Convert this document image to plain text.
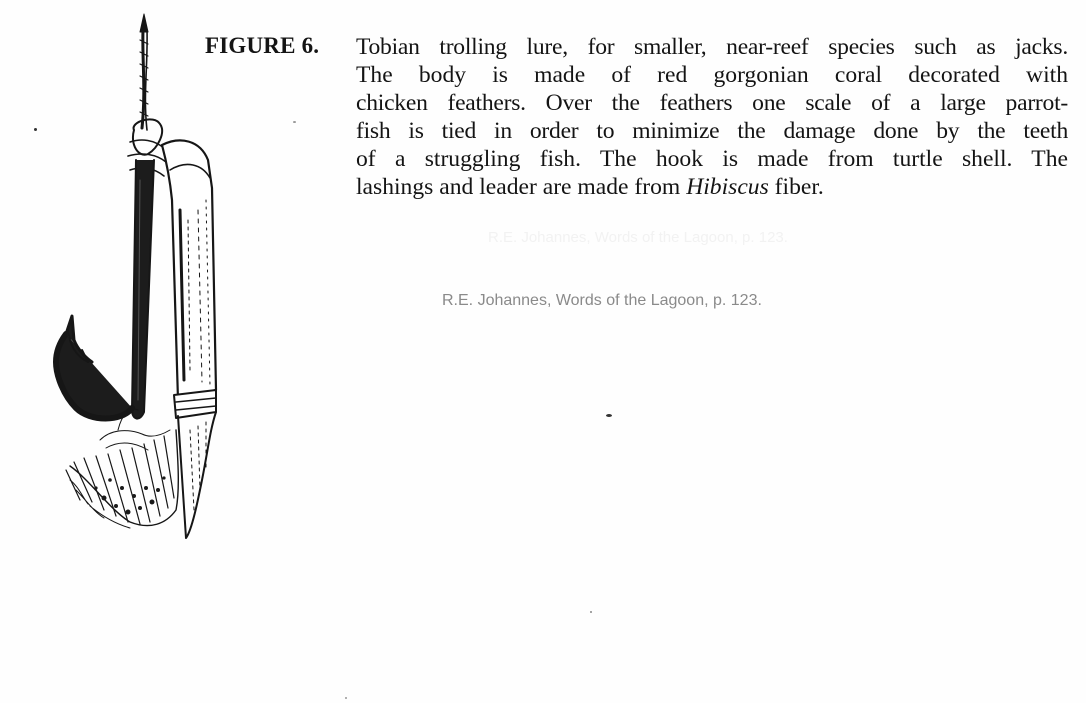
FIGURE 6. Tobian trolling lure, for smaller, near-reef species such as jacks.
The body is made of red gorgonian coral decorated with
chicken feathers. Over the feathers one scale of a large parrot-
fish is tied in order to minimize the damage done by the teeth
of a struggling fish. The hook is made from turtle shell. The
lashings and leader are made from Hibiscus fiber.
R.E. Johannes, Words of the Lagoon, p. 123.
R.E. Johannes, Words of the Lagoon, p. 123.
